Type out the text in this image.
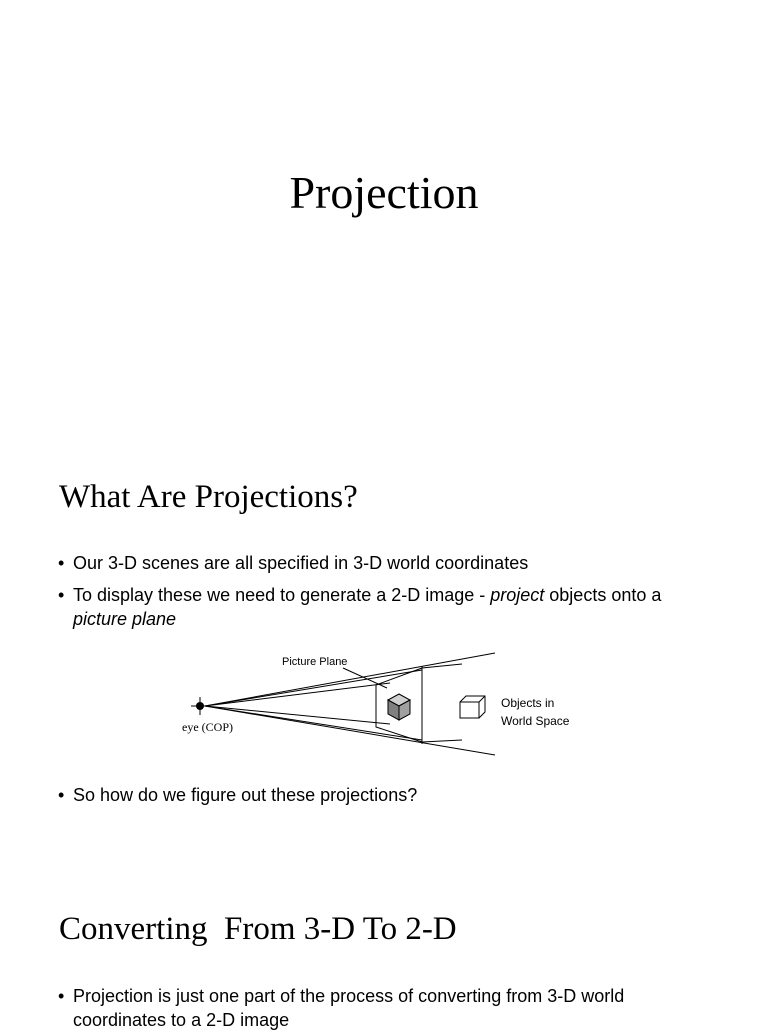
Projection
What Are Projections?
• Our 3-D scenes are all specified in 3-D world coordinates
• To display these we need to generate a 2-D image - project objects onto a picture plane
Picture Plane
eye (COP)
Objects in
World Space
• So how do we figure out these projections?
Converting  From 3-D To 2-D
• Projection is just one part of the process of converting from 3-D world coordinates to a 2-D image
